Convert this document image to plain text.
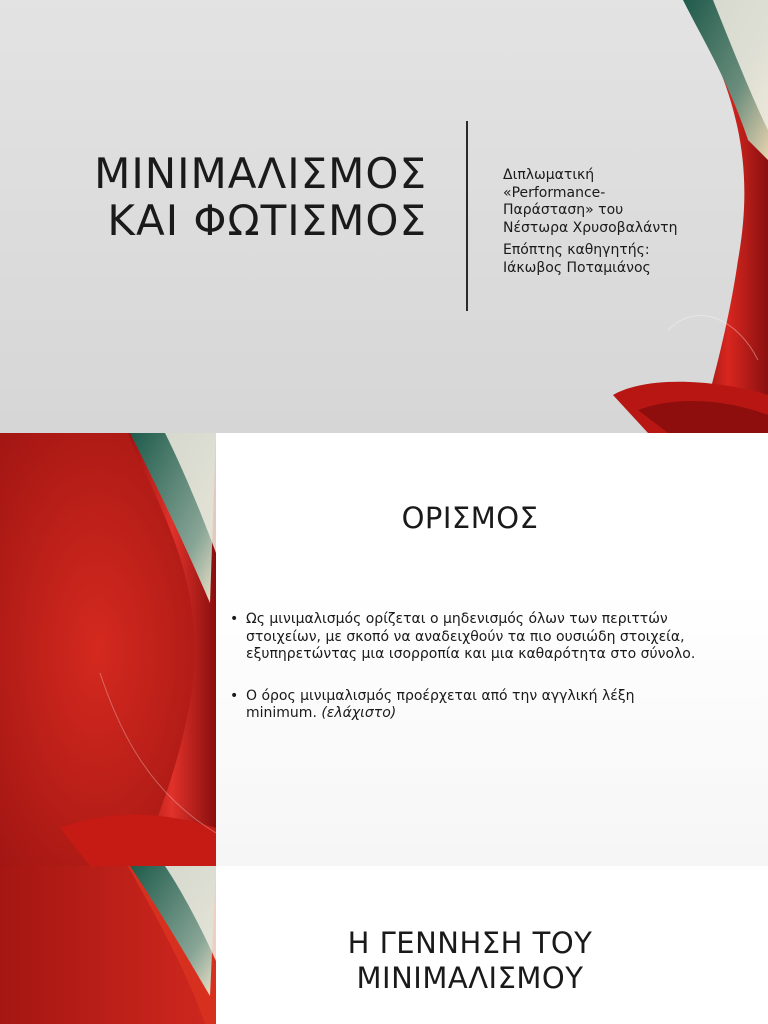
ΜΙΝΙΜΑΛΙΣΜΟΣ
ΚΑΙ ΦΩΤΙΣΜΟΣ

Διπλωματική
«Performance-
Παράσταση» του
Νέστωρα Χρυσοβαλάντη

Επόπτης καθηγητής:
Ιάκωβος Ποταμιάνος

ΟΡΙΣΜΟΣ
• Ως μινιμαλισμός ορίζεται ο μηδενισμός όλων των περιττών στοιχείων, με σκοπό να αναδειχθούν τα πιο ουσιώδη στοιχεία, εξυπηρετώντας μια ισορροπία και μια καθαρότητα στο σύνολο.
• Ο όρος μινιμαλισμός προέρχεται από την αγγλική λέξη minimum. (ελάχιστο)
Η ΓΕΝΝΗΣΗ ΤΟΥ
ΜΙΝΙΜΑΛΙΣΜΟΥ
